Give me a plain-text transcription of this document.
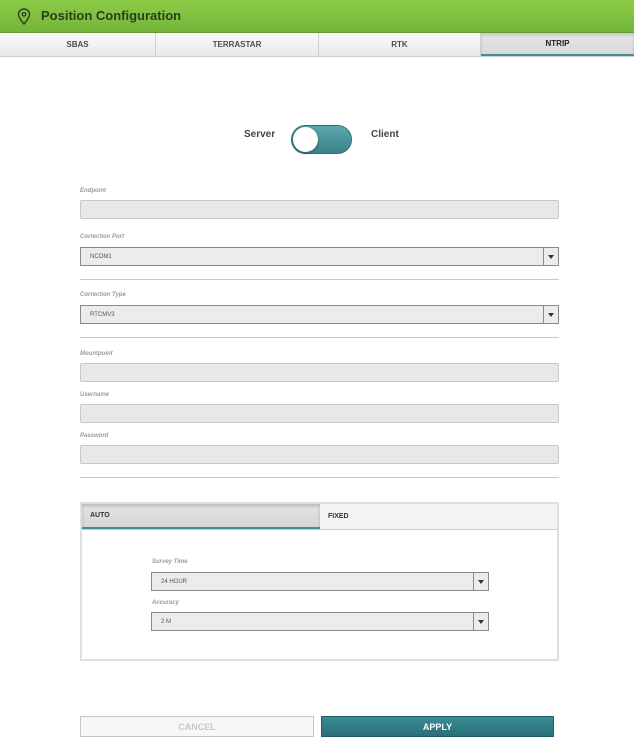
Position Configuration
SBAS	TERRASTAR	RTK	NTRIP
Server	Client
Endpoint
Correction Port
NCOM1
Correction Type
RTCMV3
Mountpoint
Username
Password
AUTO	FIXED
Survey Time
24 HOUR
Accuracy
2 M
CANCEL	APPLY
